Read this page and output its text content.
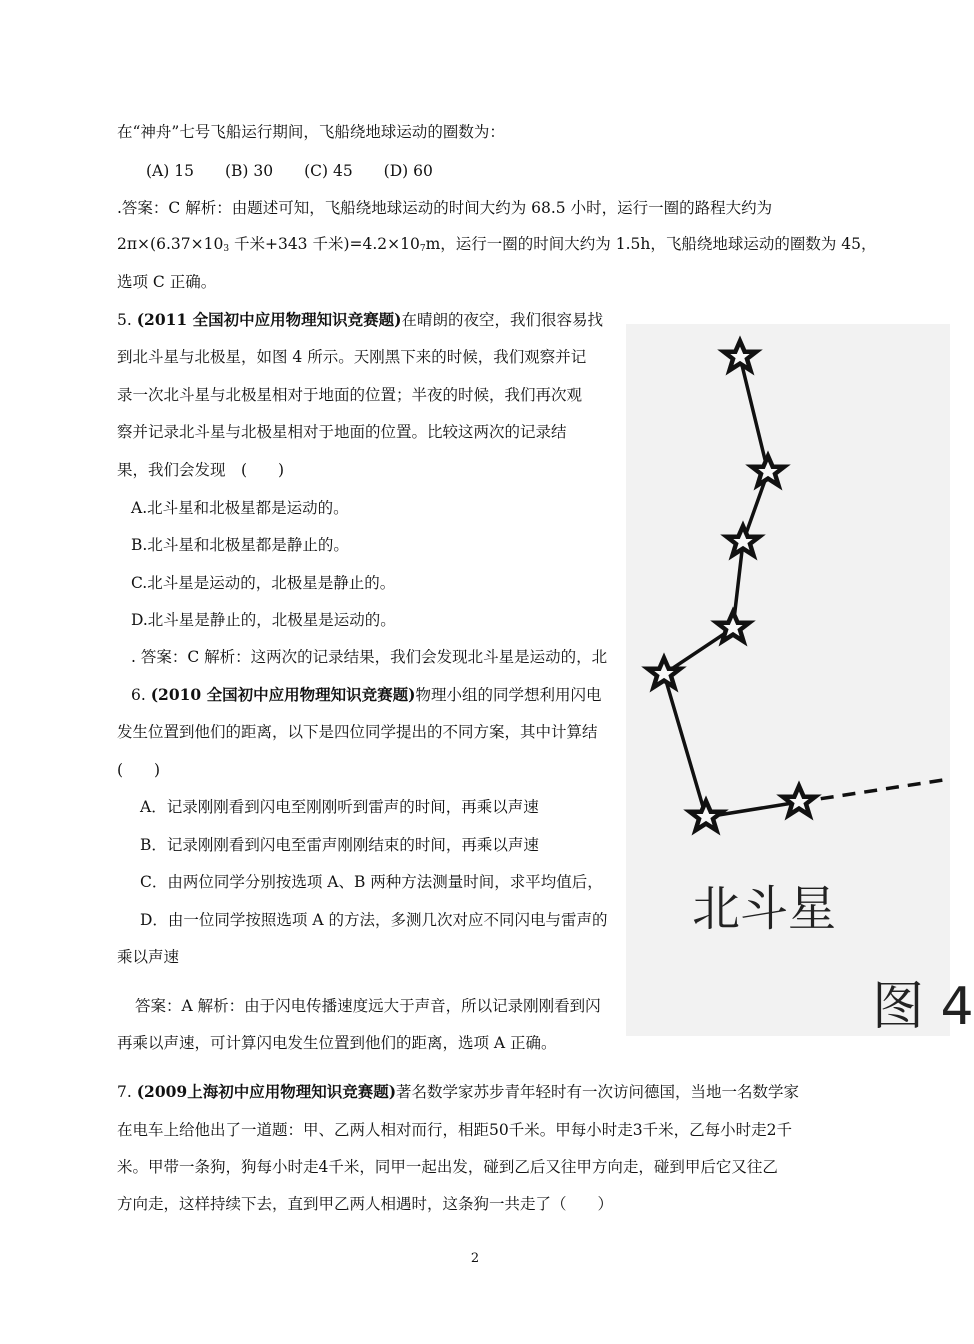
在“神舟”七号飞船运行期间，飞船绕地球运动的圈数为：
(A) 15　　(B) 30　　(C) 45　　(D) 60
.答案：C 解析：由题述可知，飞船绕地球运动的时间大约为 68.5 小时，运行一圈的路程大约为
$2\pi\times(6.37\times 10^3$ 千米+343 千米)$=4.2\times 10^7m$，运行一圈的时间大约为 1.5h，飞船绕地球运动的圈数为 45，
选项 C 正确。
5. (2011 全国初中应用物理知识竞赛题)在晴朗的夜空，我们很容易找
到北斗星与北极星，如图 4 所示。天刚黑下来的时候，我们观察并记
录一次北斗星与北极星相对于地面的位置；半夜的时候，我们再次观
察并记录北斗星与北极星相对于地面的位置。比较这两次的记录结
果，我们会发现　(　　)
A.北斗星和北极星都是运动的。
B.北斗星和北极星都是静止的。
C.北斗星是运动的，北极星是静止的。
D.北斗星是静止的，北极星是运动的。
. 答案：C 解析：这两次的记录结果，我们会发现北斗星是运动的，北
6. (2010 全国初中应用物理知识竞赛题)物理小组的同学想利用闪电
发生位置到他们的距离，以下是四位同学提出的不同方案，其中计算结
(　　)
A．记录刚刚看到闪电至刚刚听到雷声的时间，再乘以声速
B．记录刚刚看到闪电至雷声刚刚结束的时间，再乘以声速
C．由两位同学分别按选项 A、B 两种方法测量时间，求平均值后，
D．由一位同学按照选项 A 的方法，多测几次对应不同闪电与雷声的
乘以声速
答案：A 解析：由于闪电传播速度远大于声音，所以记录刚刚看到闪
再乘以声速，可计算闪电发生位置到他们的距离，选项 A 正确。
7. (2009上海初中应用物理知识竞赛题)著名数学家苏步青年轻时有一次访问德国，当地一名数学家
在电车上给他出了一道题：甲、乙两人相对而行，相距50千米。甲每小时走3千米，乙每小时走2千
米。甲带一条狗，狗每小时走4千米，同甲一起出发，碰到乙后又往甲方向走，碰到甲后它又往乙
方向走，这样持续下去，直到甲乙两人相遇时，这条狗一共走了（　　）
北斗星
图 4
2
